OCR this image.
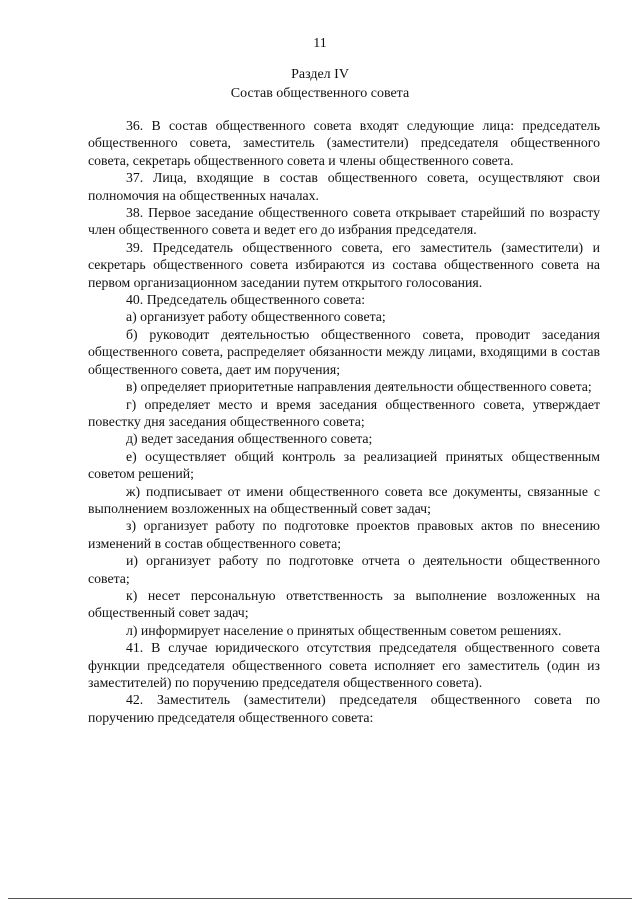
11
Раздел IV
Состав общественного совета

36. В состав общественного совета входят следующие лица: председатель общественного совета, заместитель (заместители) председателя общественного совета, секретарь общественного совета и члены общественного совета.

37. Лица, входящие в состав общественного совета, осуществляют свои полномочия на общественных началах.

38. Первое заседание общественного совета открывает старейший по возрасту член общественного совета и ведет его до избрания председателя.

39. Председатель общественного совета, его заместитель (заместители) и секретарь общественного совета избираются из состава общественного совета на первом организационном заседании путем открытого голосования.

40. Председатель общественного совета:

а) организует работу общественного совета;

б) руководит деятельностью общественного совета, проводит заседания общественного совета, распределяет обязанности между лицами, входящими в состав общественного совета, дает им поручения;

в) определяет приоритетные направления деятельности общественного совета;

г) определяет место и время заседания общественного совета, утверждает повестку дня заседания общественного совета;

д) ведет заседания общественного совета;

е) осуществляет общий контроль за реализацией принятых общественным советом решений;

ж) подписывает от имени общественного совета все документы, связанные с выполнением возложенных на общественный совет задач;

з) организует работу по подготовке проектов правовых актов по внесению изменений в состав общественного совета;

и) организует работу по подготовке отчета о деятельности общественного совета;

к) несет персональную ответственность за выполнение возложенных на общественный совет задач;

л) информирует население о принятых общественным советом решениях.

41. В случае юридического отсутствия председателя общественного совета функции председателя общественного совета исполняет его заместитель (один из заместителей) по поручению председателя общественного совета).

42. Заместитель (заместители) председателя общественного совета по поручению председателя общественного совета:
